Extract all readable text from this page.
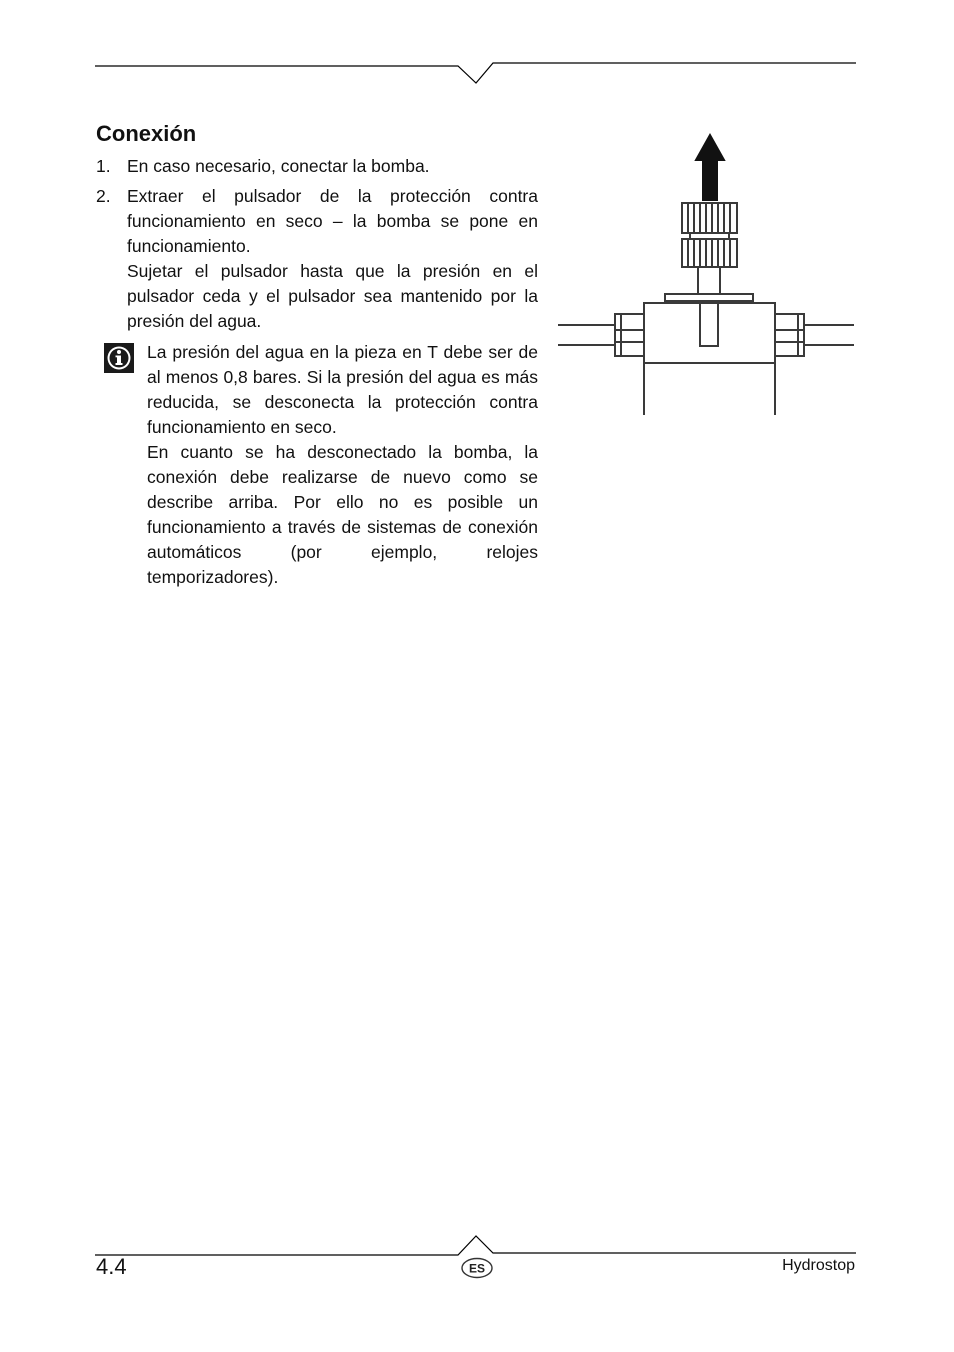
Conexión
1. En caso necesario, conectar la bomba.

2. Extraer el pulsador de la protección contra funcionamiento en seco – la bomba se pone en funcionamiento.

Sujetar el pulsador hasta que la presión en el pulsador ceda y el pulsador sea mantenido por la presión del agua.

La presión del agua en la pieza en T debe ser de al menos 0,8 bares. Si la presión del agua es más reducida, se desconecta la protección contra funcionamiento en seco.

En cuanto se ha desconectado la bomba, la conexión debe realizarse de nuevo como se describe arriba. Por ello no es posible un funcionamiento a través de sistemas de conexión automáticos (por ejemplo, relojes temporizadores).

4.4	ES	Hydrostop
